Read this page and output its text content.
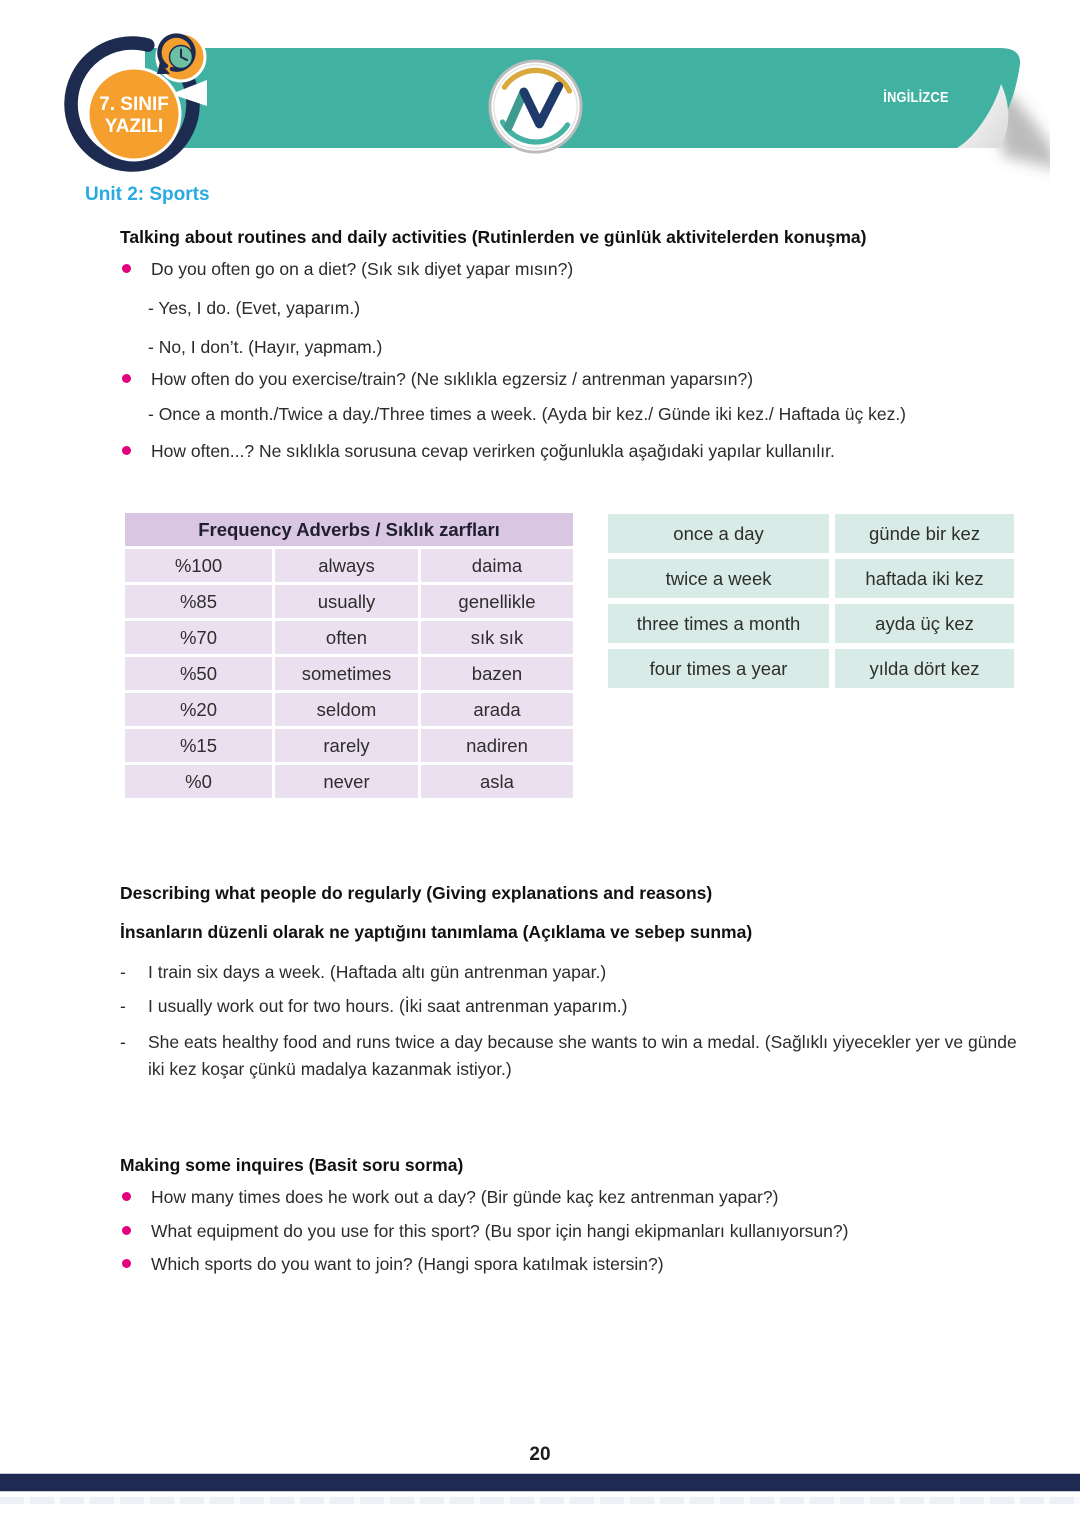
İNGİLİZCE
7. SINIF
YAZILI
Unit 2: Sports
Talking about routines and daily activities (Rutinlerden ve günlük aktivitelerden konuşma)
Do you often go on a diet? (Sık sık diyet yapar mısın?)
- Yes, I do. (Evet, yaparım.)
- No, I don’t. (Hayır, yapmam.)
How often do you exercise/train? (Ne sıklıkla egzersiz / antrenman yaparsın?)
- Once a month./Twice a day./Three times a week. (Ayda bir kez./ Günde iki kez./ Haftada üç kez.)
How often...? Ne sıklıkla sorusuna cevap verirken çoğunlukla aşağıdaki yapılar kullanılır.
Frequency Adverbs / Sıklık zarfları		
%100	always	daima
%85	usually	genellikle
%70	often	sık sık
%50	sometimes	bazen
%20	seldom	arada
%15	rarely	nadiren
%0	never	asla
once a day	günde bir kez
twice a week	haftada iki kez
three times a month	ayda üç kez
four times a year	yılda dört kez
Describing what people do regularly (Giving explanations and reasons)
İnsanların düzenli olarak ne yaptığını tanımlama (Açıklama ve sebep sunma)
-	I train six days a week. (Haftada altı gün antrenman yapar.)
-	I usually work out for two hours. (İki saat antrenman yaparım.)
-	She eats healthy food and runs twice a day because she wants to win a medal. (Sağlıklı yiyecekler yer ve günde iki kez koşar çünkü madalya kazanmak istiyor.)
Making some inquires (Basit soru sorma)
How many times does he work out a day? (Bir günde kaç kez antrenman yapar?)
What equipment do you use for this sport? (Bu spor için hangi ekipmanları kullanıyorsun?)
Which sports do you want to join? (Hangi spora katılmak istersin?)
20
